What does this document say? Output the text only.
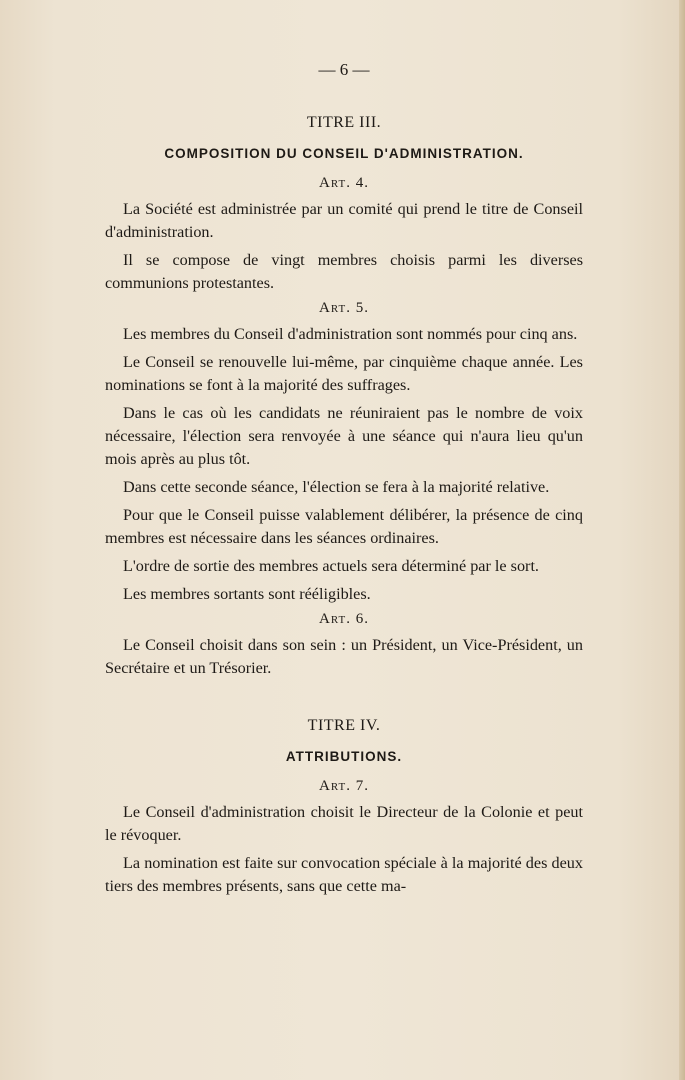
— 6 —
TITRE III.
COMPOSITION DU CONSEIL D'ADMINISTRATION.
Art. 4.

La Société est administrée par un comité qui prend le titre de Conseil d'administration.

Il se compose de vingt membres choisis parmi les diverses communions protestantes.

Art. 5.

Les membres du Conseil d'administration sont nommés pour cinq ans.

Le Conseil se renouvelle lui-même, par cinquième chaque année. Les nominations se font à la majorité des suffrages.

Dans le cas où les candidats ne réuniraient pas le nombre de voix nécessaire, l'élection sera renvoyée à une séance qui n'aura lieu qu'un mois après au plus tôt.

Dans cette seconde séance, l'élection se fera à la majorité relative.

Pour que le Conseil puisse valablement délibérer, la présence de cinq membres est nécessaire dans les séances ordinaires.

L'ordre de sortie des membres actuels sera déterminé par le sort.

Les membres sortants sont rééligibles.

Art. 6.

Le Conseil choisit dans son sein : un Président, un Vice-Président, un Secrétaire et un Trésorier.

TITRE IV.
ATTRIBUTIONS.
Art. 7.

Le Conseil d'administration choisit le Directeur de la Colonie et peut le révoquer.

La nomination est faite sur convocation spéciale à la majorité des deux tiers des membres présents, sans que cette ma-
